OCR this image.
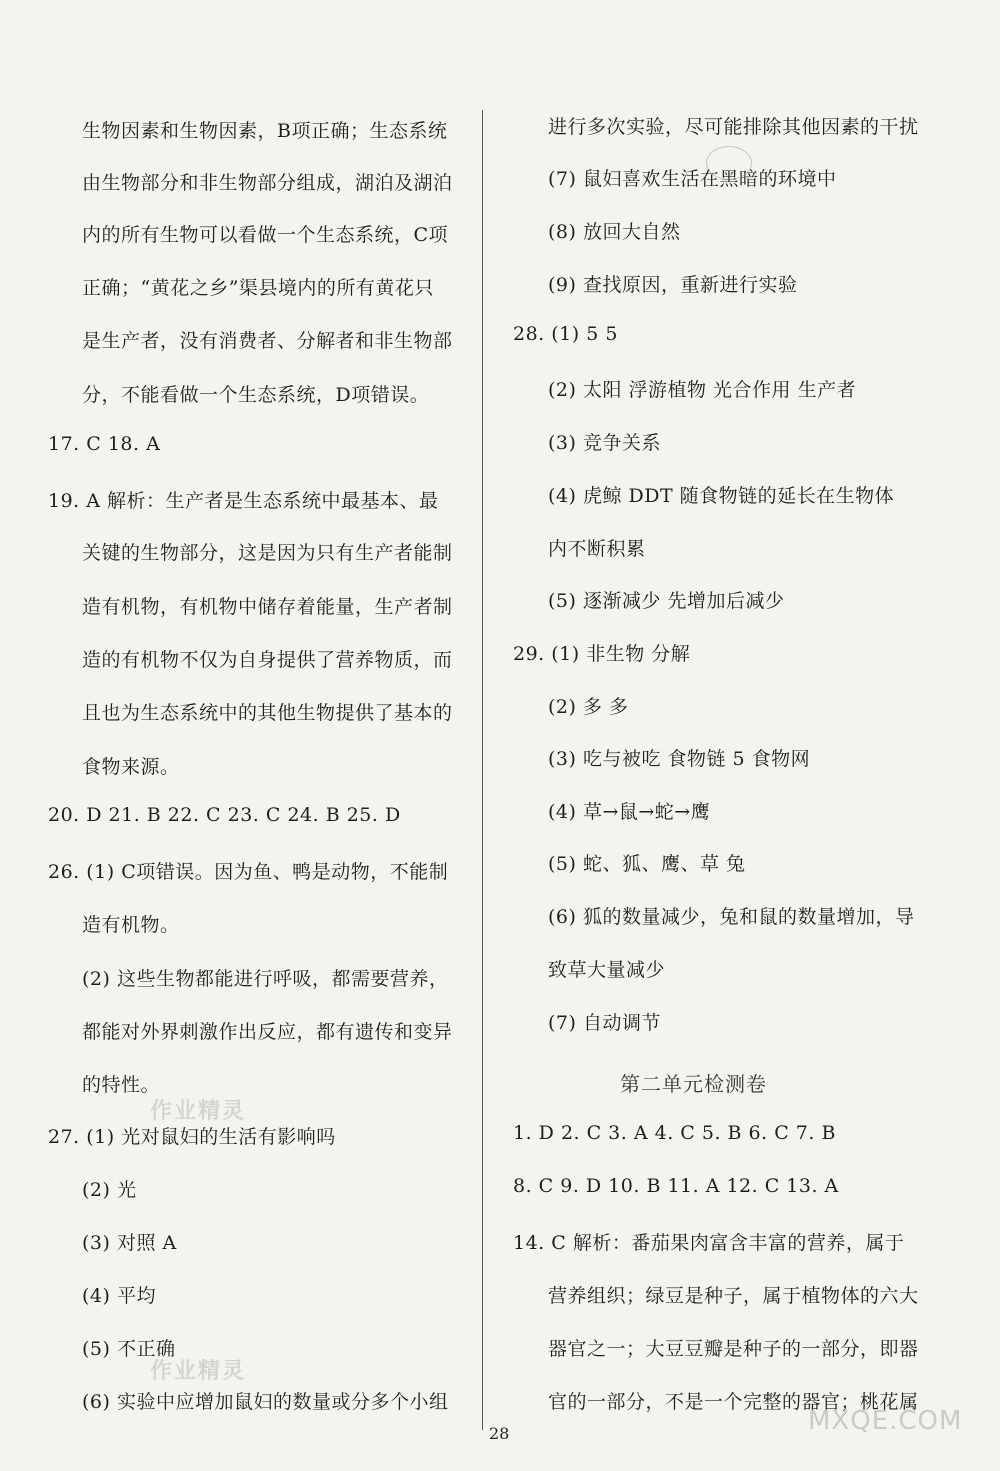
生物因素和生物因素，B项正确；生态系统
由生物部分和非生物部分组成，湖泊及湖泊
内的所有生物可以看做一个生态系统，C项
正确；“黄花之乡”渠县境内的所有黄花只
是生产者，没有消费者、分解者和非生物部
分，不能看做一个生态系统，D项错误。
17. C 18. A
19. A 解析：生产者是生态系统中最基本、最
关键的生物部分，这是因为只有生产者能制
造有机物，有机物中储存着能量，生产者制
造的有机物不仅为自身提供了营养物质，而
且也为生态系统中的其他生物提供了基本的
食物来源。
20. D 21. B 22. C 23. C 24. B 25. D
26. (1) C项错误。因为鱼、鸭是动物，不能制
造有机物。
(2) 这些生物都能进行呼吸，都需要营养，
都能对外界刺激作出反应，都有遗传和变异
的特性。
27. (1) 光对鼠妇的生活有影响吗
(2) 光
(3) 对照 A
(4) 平均
(5) 不正确
(6) 实验中应增加鼠妇的数量或分多个小组
作业精灵
作业精灵
进行多次实验，尽可能排除其他因素的干扰
(7) 鼠妇喜欢生活在黑暗的环境中
(8) 放回大自然
(9) 查找原因，重新进行实验
28. (1) 5 5
(2) 太阳 浮游植物 光合作用 生产者
(3) 竞争关系
(4) 虎鲸 DDT 随食物链的延长在生物体
内不断积累
(5) 逐渐减少 先增加后减少
29. (1) 非生物 分解
(2) 多 多
(3) 吃与被吃 食物链 5 食物网
(4) 草→鼠→蛇→鹰
(5) 蛇、狐、鹰、草 兔
(6) 狐的数量减少，兔和鼠的数量增加，导
致草大量减少
(7) 自动调节
第二单元检测卷
1. D 2. C 3. A 4. C 5. B 6. C 7. B
8. C 9. D 10. B 11. A 12. C 13. A
14. C 解析：番茄果肉富含丰富的营养，属于
营养组织；绿豆是种子，属于植物体的六大
器官之一；大豆豆瓣是种子的一部分，即器
官的一部分，不是一个完整的器官；桃花属
28	MXQE.COM
